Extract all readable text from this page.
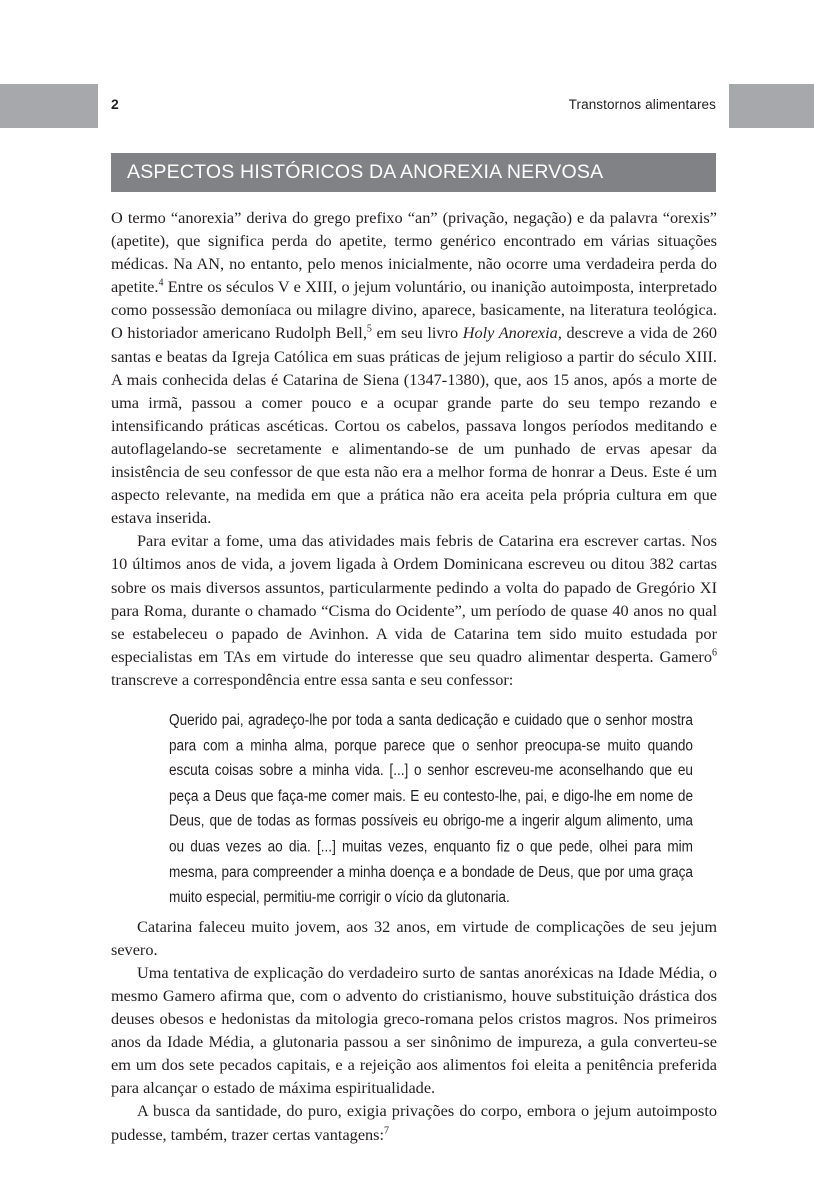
2	Transtornos alimentares
ASPECTOS HISTÓRICOS DA ANOREXIA NERVOSA

O termo “anorexia” deriva do grego prefixo “an” (privação, negação) e da palavra “orexis” (apetite), que significa perda do apetite, termo genérico encontrado em várias situações médicas. Na AN, no entanto, pelo menos inicialmente, não ocorre uma verdadeira perda do apetite.$^4$ Entre os séculos V e XIII, o jejum voluntário, ou inanição autoimposta, interpretado como possessão demoníaca ou milagre divino, aparece, basicamente, na literatura teológica. O historiador americano Rudolph Bell,$^5$ em seu livro Holy Anorexia, descreve a vida de 260 santas e beatas da Igreja Católica em suas práticas de jejum religioso a partir do século XIII. A mais conhecida delas é Catarina de Siena (1347-1380), que, aos 15 anos, após a morte de uma irmã, passou a comer pouco e a ocupar grande parte do seu tempo rezando e intensificando práticas ascéticas. Cortou os cabelos, passava longos períodos meditando e autoflagelando-se secretamente e alimentando-se de um punhado de ervas apesar da insistência de seu confessor de que esta não era a melhor forma de honrar a Deus. Este é um aspecto relevante, na medida em que a prática não era aceita pela própria cultura em que estava inserida.

Para evitar a fome, uma das atividades mais febris de Catarina era escrever cartas. Nos 10 últimos anos de vida, a jovem ligada à Ordem Dominicana escreveu ou ditou 382 cartas sobre os mais diversos assuntos, particularmente pedindo a volta do papado de Gregório XI para Roma, durante o chamado “Cisma do Ocidente”, um período de quase 40 anos no qual se estabeleceu o papado de Avinhon. A vida de Catarina tem sido muito estudada por especialistas em TAs em virtude do interesse que seu quadro alimentar desperta. Gamero$^6$ transcreve a correspondência entre essa santa e seu confessor:

Querido pai, agradeço-lhe por toda a santa dedicação e cuidado que o senhor mostra para com a minha alma, porque parece que o senhor preocupa-se muito quando escuta coisas sobre a minha vida. [...] o senhor escreveu-me aconselhando que eu peça a Deus que faça-me comer mais. E eu contesto-lhe, pai, e digo-lhe em nome de Deus, que de todas as formas possíveis eu obrigo-me a ingerir algum alimento, uma ou duas vezes ao dia. [...] muitas vezes, enquanto fiz o que pede, olhei para mim mesma, para compreender a minha doença e a bondade de Deus, que por uma graça muito especial, permitiu-me corrigir o vício da glutonaria.

Catarina faleceu muito jovem, aos 32 anos, em virtude de complicações de seu jejum severo.

Uma tentativa de explicação do verdadeiro surto de santas anoréxicas na Idade Média, o mesmo Gamero afirma que, com o advento do cristianismo, houve substituição drástica dos deuses obesos e hedonistas da mitologia greco-romana pelos cristos magros. Nos primeiros anos da Idade Média, a glutonaria passou a ser sinônimo de impureza, a gula converteu-se em um dos sete pecados capitais, e a rejeição aos alimentos foi eleita a penitência preferida para alcançar o estado de máxima espiritualidade.

A busca da santidade, do puro, exigia privações do corpo, embora o jejum autoimposto pudesse, também, trazer certas vantagens:$^7$
